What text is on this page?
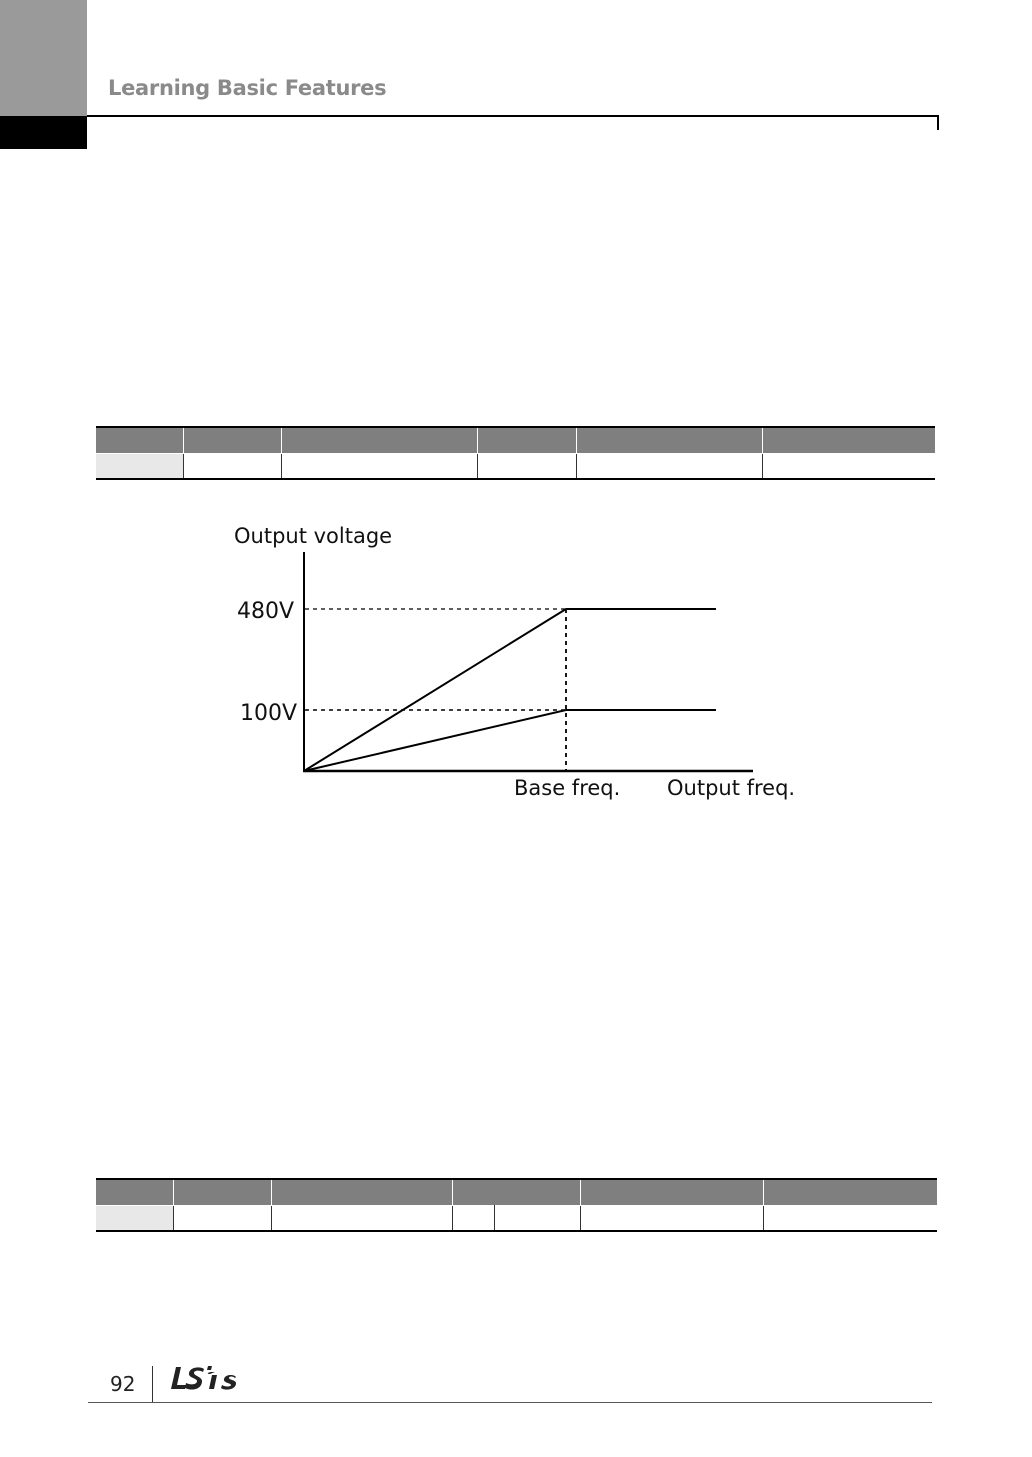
Learning Basic Features

Output voltage
480V
100V
Base freq. Output freq.

92
